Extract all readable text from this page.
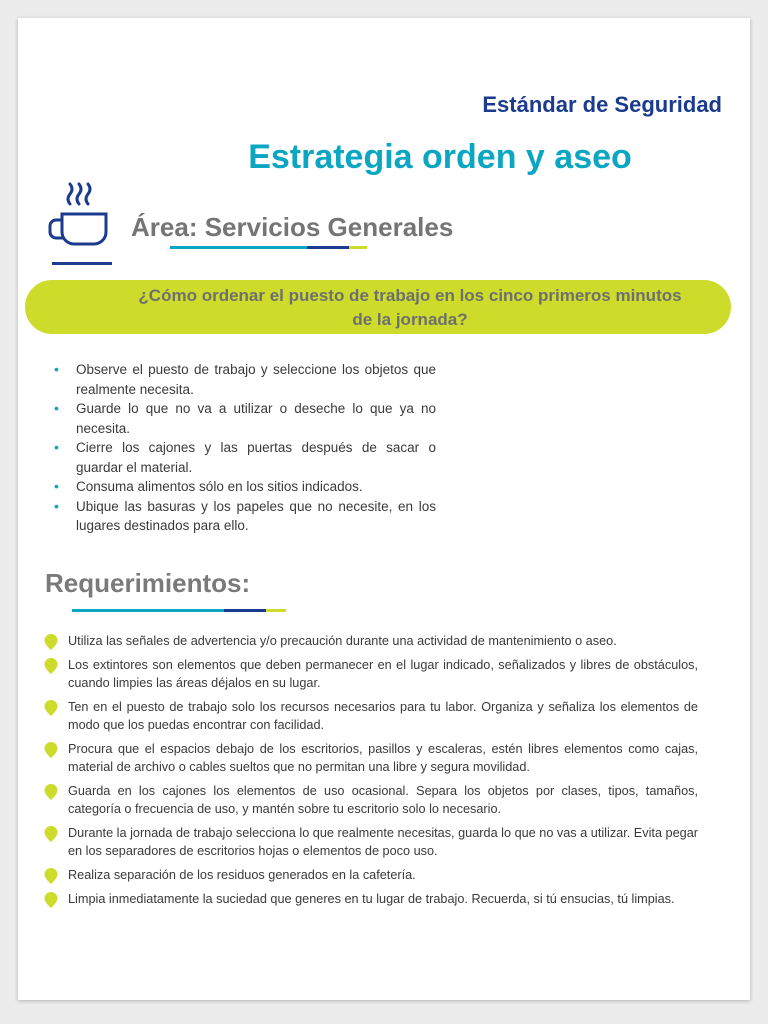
Estándar de Seguridad
Estrategia orden y aseo
Área: Servicios Generales
¿Cómo ordenar el puesto de trabajo en los cinco primeros minutos de la jornada?
• Observe el puesto de trabajo y seleccione los objetos que realmente necesita.
• Guarde lo que no va a utilizar o deseche lo que ya no necesita.
• Cierre los cajones y las puertas después de sacar o guardar el material.
• Consuma alimentos sólo en los sitios indicados.
• Ubique las basuras y los papeles que no necesite, en los lugares destinados para ello.
Requerimientos:
Utiliza las señales de advertencia y/o precaución durante una actividad de mantenimiento o aseo.
Los extintores son elementos que deben permanecer en el lugar indicado, señalizados y libres de obstáculos, cuando limpies las áreas déjalos en su lugar.
Ten en el puesto de trabajo solo los recursos necesarios para tu labor. Organiza y señaliza los elementos de modo que los puedas encontrar con facilidad.
Procura que el espacios debajo de los escritorios, pasillos y escaleras, estén libres elementos como cajas, material de archivo o cables sueltos que no permitan una libre y segura movilidad.
Guarda en los cajones los elementos de uso ocasional. Separa los objetos por clases, tipos, tamaños, categoría o frecuencia de uso, y mantén sobre tu escritorio solo lo necesario.
Durante la jornada de trabajo selecciona lo que realmente necesitas, guarda lo que no vas a utilizar. Evita pegar en los separadores de escritorios hojas o elementos de poco uso.
Realiza separación de los residuos generados en la cafetería.
Limpia inmediatamente la suciedad que generes en tu lugar de trabajo. Recuerda, si tú ensucias, tú limpias.
